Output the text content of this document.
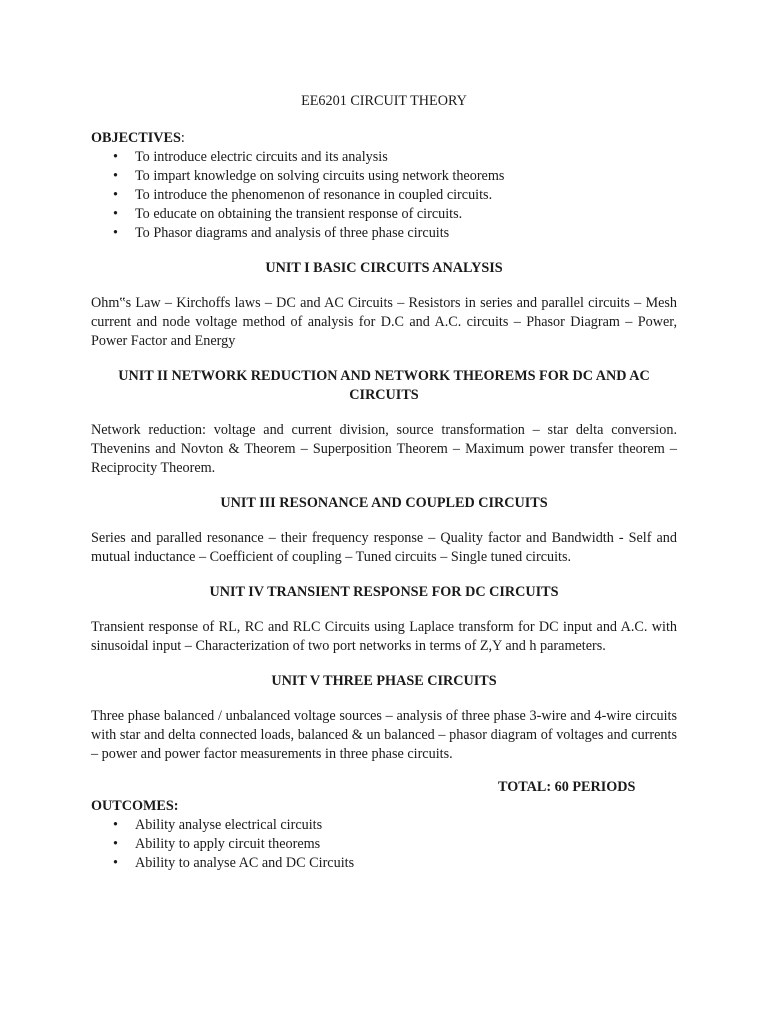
EE6201 CIRCUIT THEORY
OBJECTIVES:
• To introduce electric circuits and its analysis
• To impart knowledge on solving circuits using network theorems
• To introduce the phenomenon of resonance in coupled circuits.
• To educate on obtaining the transient response of circuits.
• To Phasor diagrams and analysis of three phase circuits
UNIT I BASIC CIRCUITS ANALYSIS

Ohm‟s Law – Kirchoffs laws – DC and AC Circuits – Resistors in series and parallel circuits – Mesh current and node voltage method of analysis for D.C and A.C. circuits – Phasor Diagram – Power, Power Factor and Energy

UNIT II NETWORK REDUCTION AND NETWORK THEOREMS FOR DC AND AC CIRCUITS

Network reduction: voltage and current division, source transformation – star delta conversion. Thevenins and Novton & Theorem – Superposition Theorem – Maximum power transfer theorem – Reciprocity Theorem.

UNIT III RESONANCE AND COUPLED CIRCUITS

Series and paralled resonance – their frequency response – Quality factor and Bandwidth - Self and mutual inductance – Coefficient of coupling – Tuned circuits – Single tuned circuits.

UNIT IV TRANSIENT RESPONSE FOR DC CIRCUITS

Transient response of RL, RC and RLC Circuits using Laplace transform for DC input and A.C. with sinusoidal input – Characterization of two port networks in terms of Z,Y and h parameters.

UNIT V THREE PHASE CIRCUITS

Three phase balanced / unbalanced voltage sources – analysis of three phase 3-wire and 4-wire circuits with star and delta connected loads, balanced & un balanced – phasor diagram of voltages and currents – power and power factor measurements in three phase circuits.

TOTAL: 60 PERIODS
OUTCOMES:
• Ability analyse electrical circuits
• Ability to apply circuit theorems
• Ability to analyse AC and DC Circuits
